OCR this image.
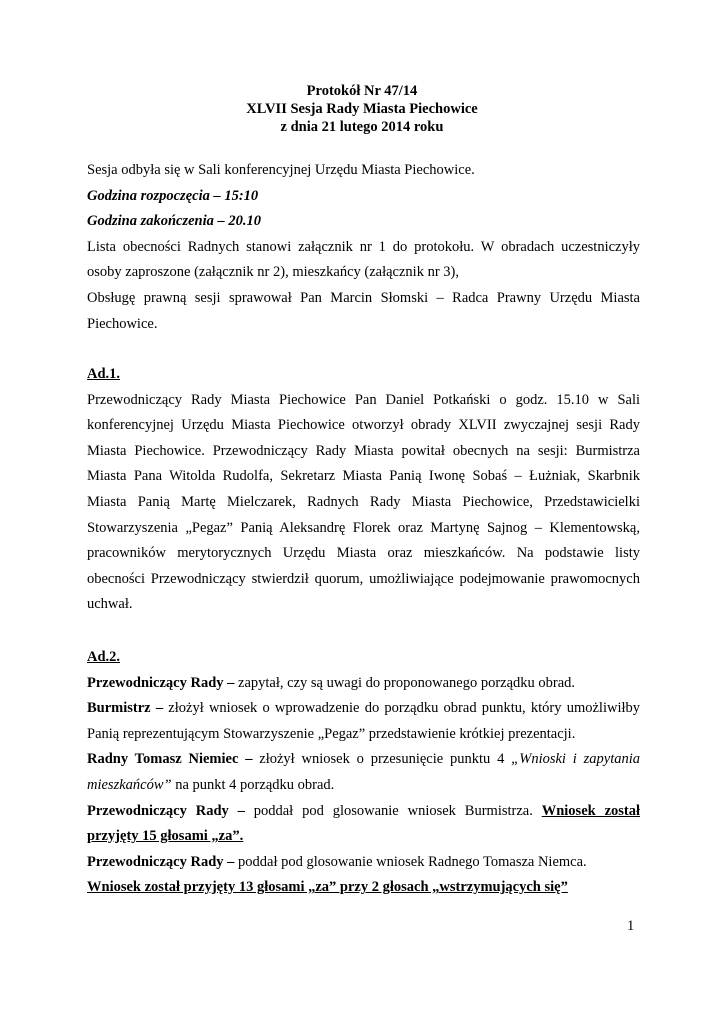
Protokół Nr 47/14
XLVII Sesja Rady Miasta Piechowice
z dnia 21 lutego 2014 roku

Sesja odbyła się w Sali konferencyjnej Urzędu Miasta Piechowice.

Godzina rozpoczęcia – 15:10

Godzina zakończenia – 20.10

Lista obecności Radnych stanowi załącznik nr 1 do protokołu. W obradach uczestniczyły osoby zaproszone (załącznik nr 2), mieszkańcy (załącznik nr 3),

Obsługę prawną sesji sprawował Pan Marcin Słomski – Radca Prawny Urzędu Miasta Piechowice.

Ad.1.

Przewodniczący Rady Miasta Piechowice Pan Daniel Potkański o godz. 15.10 w Sali konferencyjnej Urzędu Miasta Piechowice otworzył obrady XLVII zwyczajnej sesji Rady Miasta Piechowice. Przewodniczący Rady Miasta powitał obecnych na sesji: Burmistrza Miasta Pana Witolda Rudolfa, Sekretarz Miasta Panią Iwonę Sobaś – Łużniak, Skarbnik Miasta Panią Martę Mielczarek, Radnych Rady Miasta Piechowice, Przedstawicielki Stowarzyszenia „Pegaz” Panią Aleksandrę Florek oraz Martynę Sajnog – Klementowską, pracowników merytorycznych Urzędu Miasta oraz mieszkańców. Na podstawie listy obecności Przewodniczący stwierdził quorum, umożliwiające podejmowanie prawomocnych uchwał.

Ad.2.

Przewodniczący Rady – zapytał, czy są uwagi do proponowanego porządku obrad.

Burmistrz – złożył wniosek o wprowadzenie do porządku obrad punktu, który umożliwiłby Panią reprezentującym Stowarzyszenie „Pegaz” przedstawienie krótkiej prezentacji.

Radny Tomasz Niemiec – złożył wniosek o przesunięcie punktu 4 „Wnioski i zapytania mieszkańców” na punkt 4 porządku obrad.

Przewodniczący Rady – poddał pod glosowanie wniosek Burmistrza. Wniosek został przyjęty 15 głosami „za”.

Przewodniczący Rady – poddał pod glosowanie wniosek Radnego Tomasza Niemca.

Wniosek został przyjęty 13 głosami „za” przy 2 głosach „wstrzymujących się”

1
